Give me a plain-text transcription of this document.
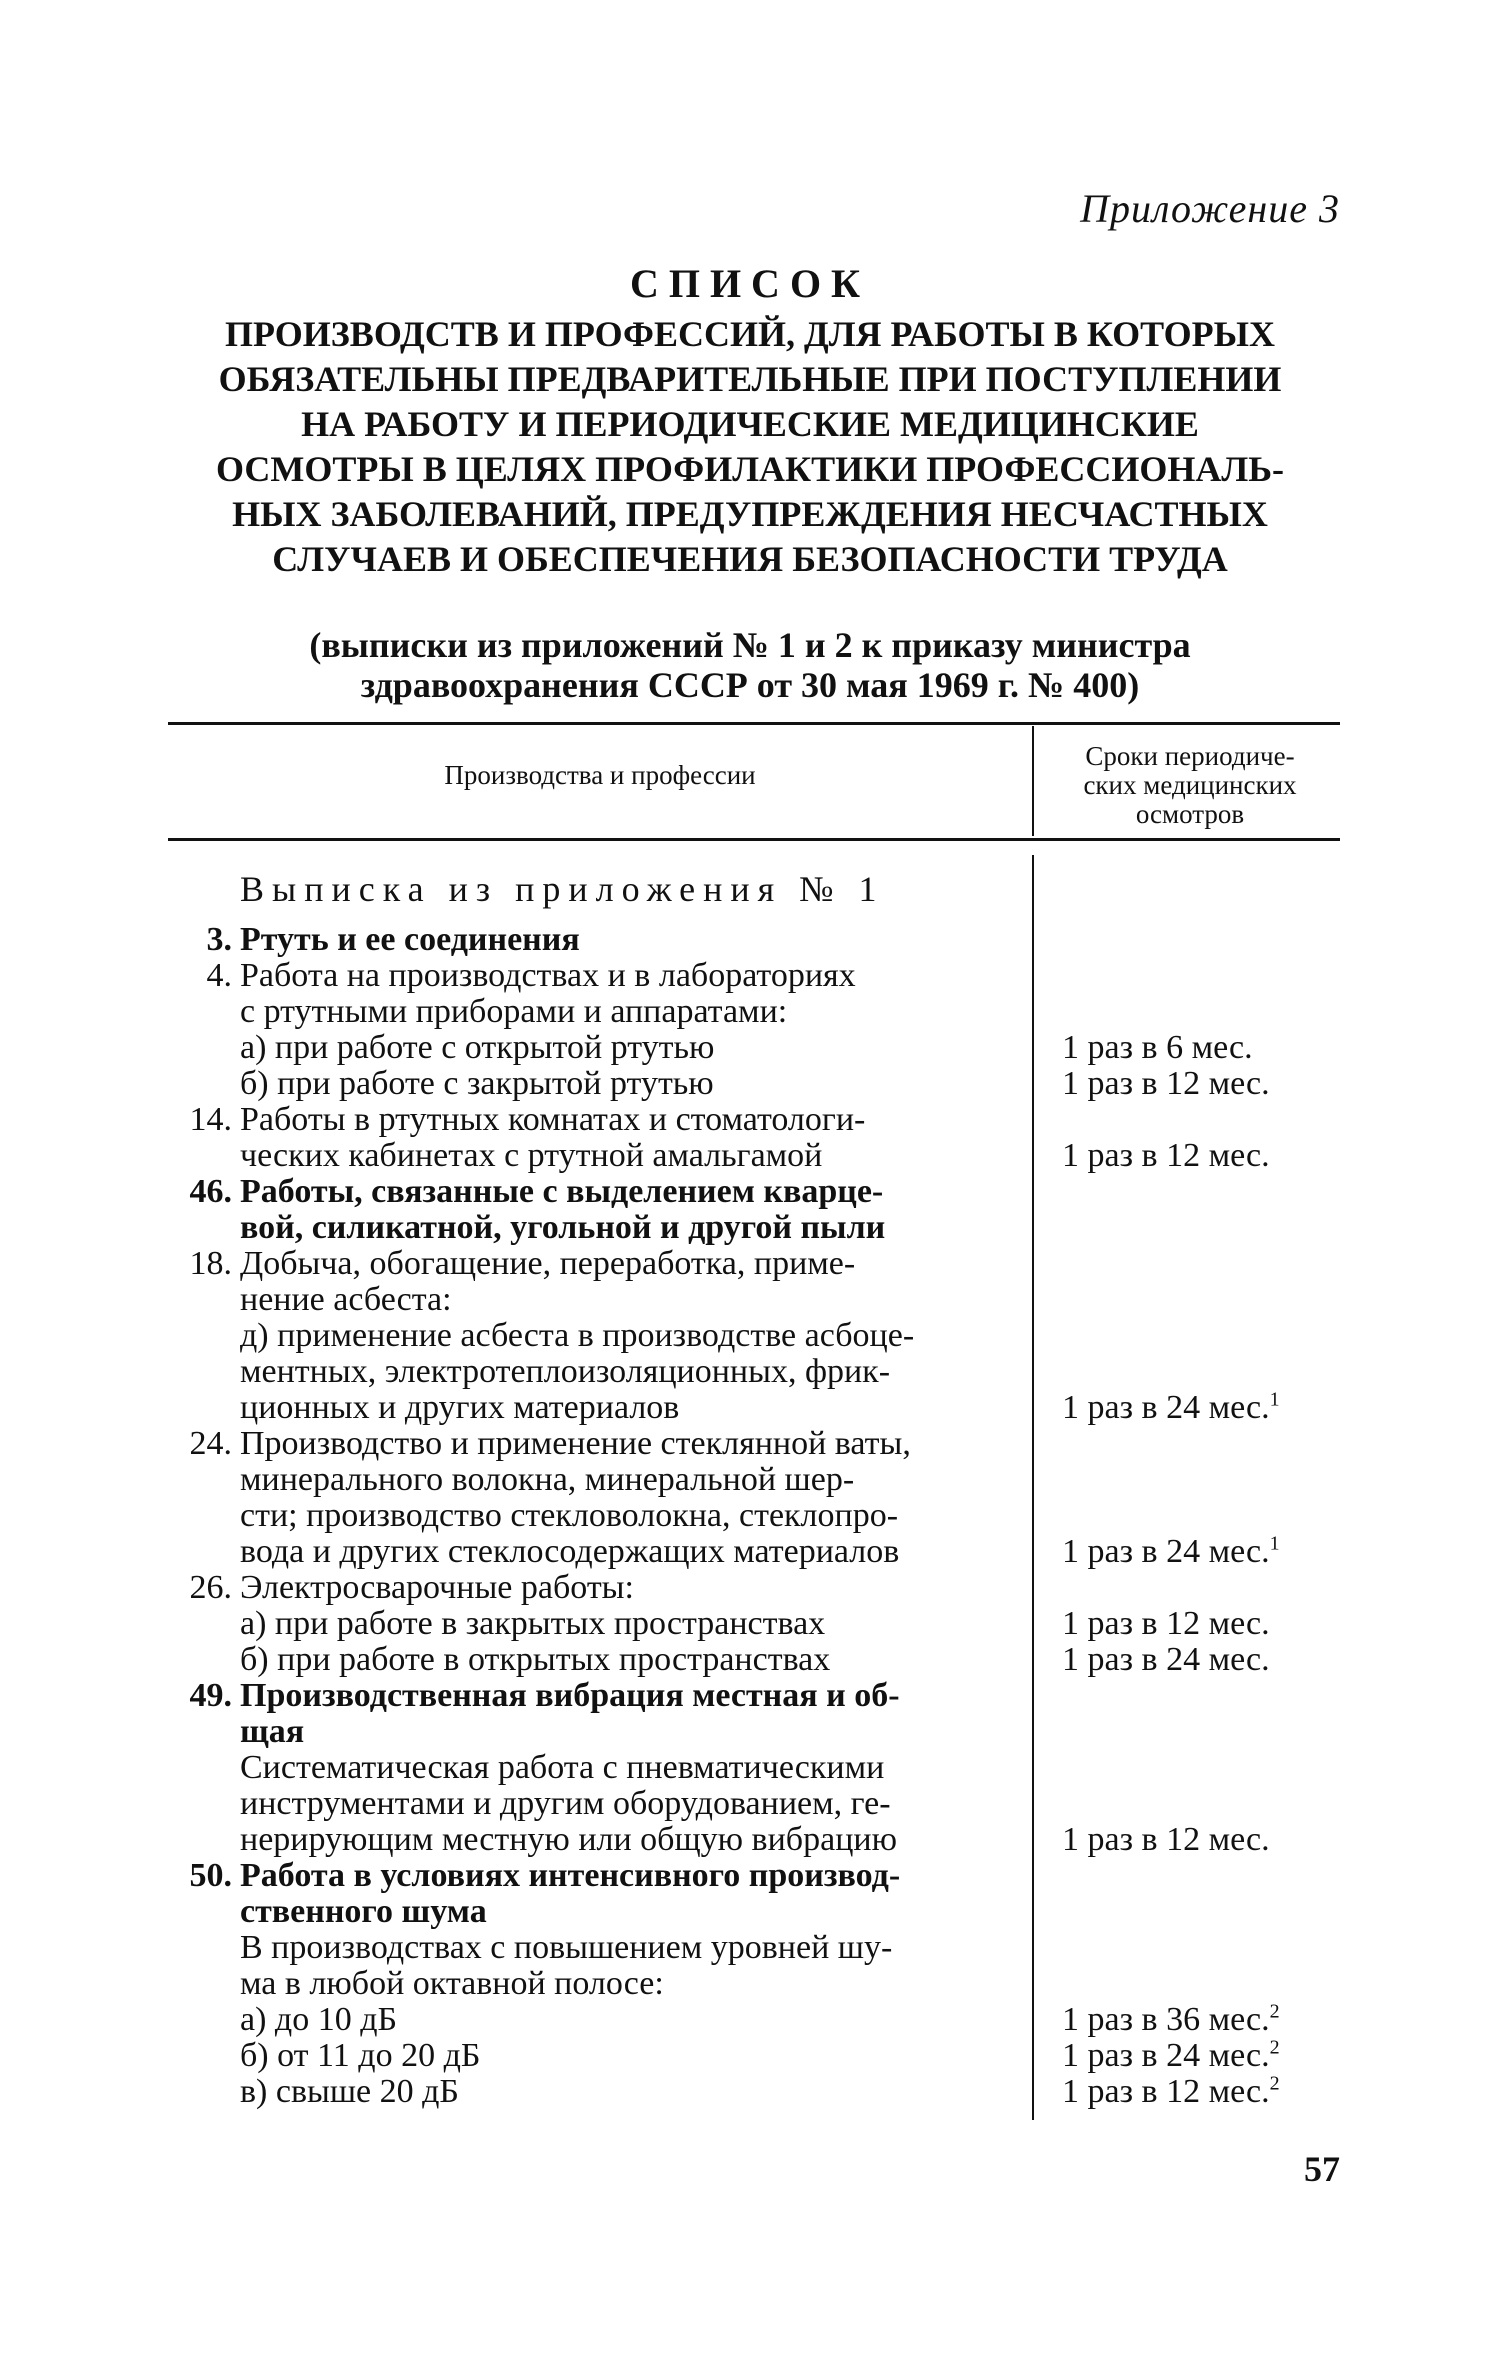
Приложение 3
СПИСОК
ПРОИЗВОДСТВ И ПРОФЕССИЙ, ДЛЯ РАБОТЫ В КОТОРЫХ
ОБЯЗАТЕЛЬНЫ ПРЕДВАРИТЕЛЬНЫЕ ПРИ ПОСТУПЛЕНИИ
НА РАБОТУ И ПЕРИОДИЧЕСКИЕ МЕДИЦИНСКИЕ
ОСМОТРЫ В ЦЕЛЯХ ПРОФИЛАКТИКИ ПРОФЕССИОНАЛЬ-
НЫХ ЗАБОЛЕВАНИЙ, ПРЕДУПРЕЖДЕНИЯ НЕСЧАСТНЫХ
СЛУЧАЕВ И ОБЕСПЕЧЕНИЯ БЕЗОПАСНОСТИ ТРУДА
(выписки из приложений № 1 и 2 к приказу министра
здравоохранения СССР от 30 мая 1969 г. № 400)
Производства и профессии
Сроки периодиче-
ских медицинских
осмотров
Выписка из приложения № 1
3. Ртуть и ее соединения
4. Работа на производствах и в лабораториях
с ртутными приборами и аппаратами:
а) при работе с открытой ртутью	1 раз в 6 мес.
б) при работе с закрытой ртутью	1 раз в 12 мес.
14. Работы в ртутных комнатах и стоматологи-
ческих кабинетах с ртутной амальгамой	1 раз в 12 мес.
46. Работы, связанные с выделением кварце-
вой, силикатной, угольной и другой пыли
18. Добыча, обогащение, переработка, приме-
нение асбеста:
д) применение асбеста в производстве асбоце-
ментных, электротеплоизоляционных, фрик-
ционных и других материалов	1 раз в 24 мес.$^1$
24. Производство и применение стеклянной ваты,
минерального волокна, минеральной шер-
сти; производство стекловолокна, стеклопро-
вода и других стеклосодержащих материалов	1 раз в 24 мес.$^1$
26. Электросварочные работы:
а) при работе в закрытых пространствах	1 раз в 12 мес.
б) при работе в открытых пространствах	1 раз в 24 мес.
49. Производственная вибрация местная и об-
щая
Систематическая работа с пневматическими
инструментами и другим оборудованием, ге-
нерирующим местную или общую вибрацию	1 раз в 12 мес.
50. Работа в условиях интенсивного производ-
ственного шума
В производствах с повышением уровней шу-
ма в любой октавной полосе:
а) до 10 дБ	1 раз в 36 мес.$^2$
б) от 11 до 20 дБ	1 раз в 24 мес.$^2$
в) свыше 20 дБ	1 раз в 12 мес.$^2$
57
